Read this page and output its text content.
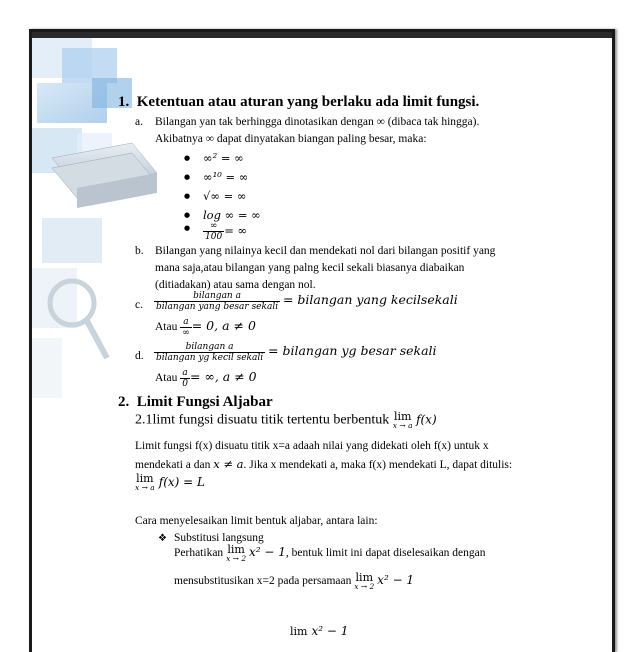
1. Ketentuan atau aturan yang berlaku ada limit fungsi.
a. Bilangan yan tak berhingga dinotasikan dengan ∞ (dibaca tak hingga).
Akibatnya ∞ dapat dinyatakan biangan paling besar, maka:
● ∞² = ∞
● ∞¹⁰ = ∞
● √∞ = ∞
● log ∞ = ∞
● $\frac{\infty}{100}$ = ∞
b. Bilangan yang nilainya kecil dan mendekati nol dari bilangan positif yang
mana saja,atau bilangan yang palng kecil sekali biasanya diabaikan
(ditiadakan) atau sama dengan nol.
c. $\frac{\text{bilangan a}}{\text{bilangan yang besar sekali}}$ = bilangan yang kecilsekali
Atau $\frac{a}{\infty} = 0$, a ≠ 0
d. $\frac{\text{bilangan a}}{\text{bilangan yg kecil sekali}}$ = bilangan yg besar sekali
Atau $\frac{a}{0}$ = ∞, a ≠ 0
2. Limit Fungsi Aljabar
2.1limt fungsi disuatu titik tertentu berbentuk lim
x → a f(x)
Limit fungsi f(x) disuatu titik x=a adaah nilai yang didekati oleh f(x) untuk x
mendekati a dan x ≠ a. Jika x mendekati a, maka f(x) mendekati L, dapat ditulis:
lim
x → a f(x) = L
Cara menyelesaikan limit bentuk aljabar, antara lain:
❖ Substitusi langsung
Perhatikan lim
x → 2 x² − 1, bentuk limit ini dapat diselesaikan dengan
mensubstitusikan x=2 pada persamaan lim
x → 2 x² − 1
lim x² − 1
